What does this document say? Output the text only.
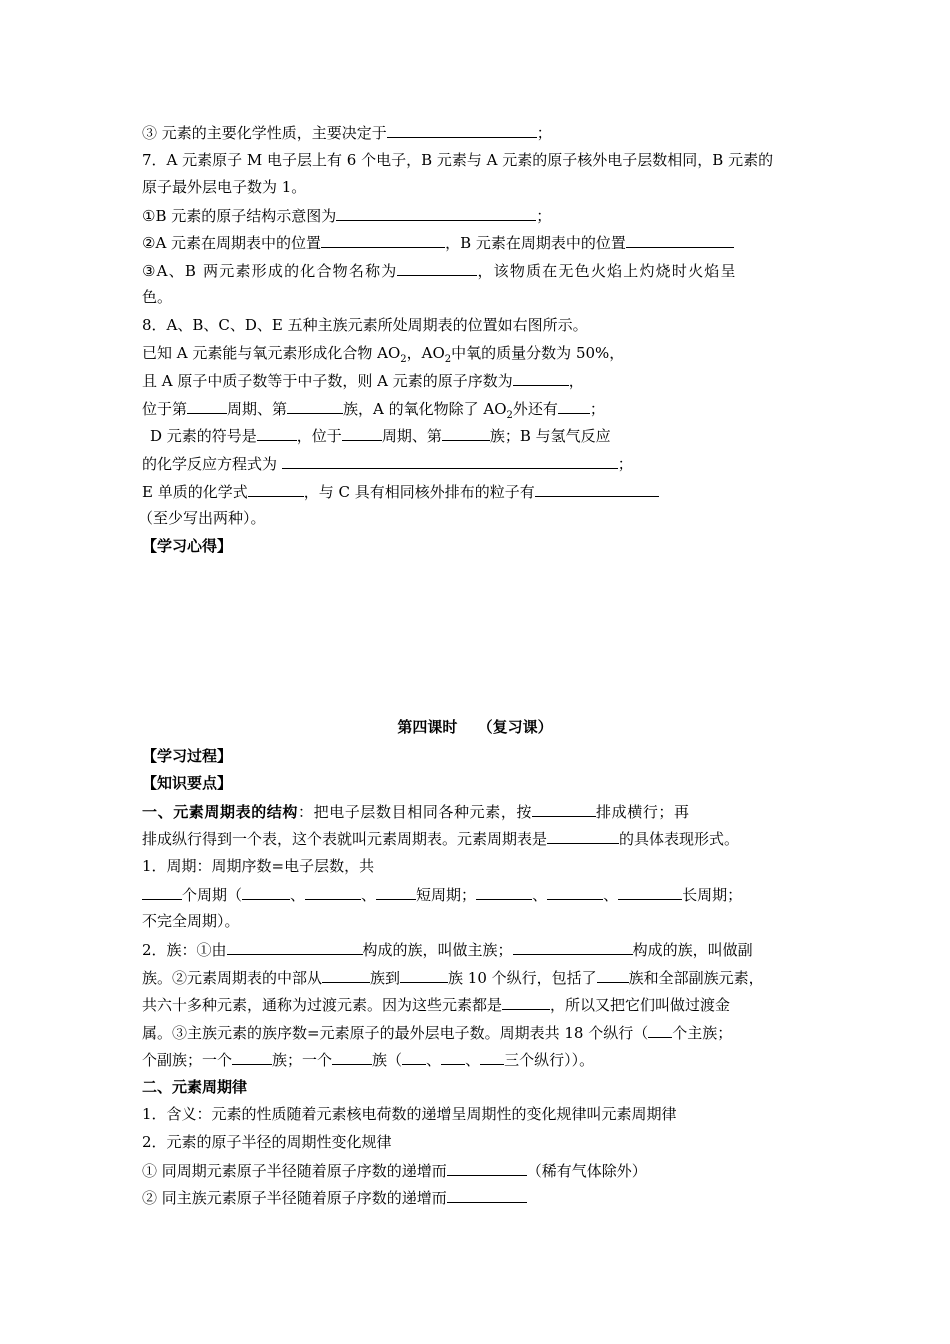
③ 元素的主要化学性质，主要决定于	；
7．A 元素原子 M 电子层上有 6 个电子，B 元素与 A 元素的原子核外电子层数相同，B 元素的
原子最外层电子数为 1。
①B 元素的原子结构示意图为	；
②A 元素在周期表中的位置	，B 元素在周期表中的位置
③A、B 两元素形成的化合物名称为	，该物质在无色火焰上灼烧时火焰呈
色。
8．A、B、C、D、E 五种主族元素所处周期表的位置如右图所示。
已知 A 元素能与氧元素形成化合物 $AO_2$，$AO_2$中氧的质量分数为 50%，
且 A 原子中质子数等于中子数，则 A 元素的原子序数为	，
位于第	周期、第	族，A 的氧化物除了 $AO_2$外还有 ；
D 元素的符号是	，位于	周期、第	族；B 与氢气反应
的化学反应方程式为	；
E 单质的化学式	，与 C 具有相同核外排布的粒子有
（至少写出两种）。
【学习心得】
第四课时　 （复习课）
【学习过程】
【知识要点】
一、元素周期表的结构：把电子层数目相同各种元素，按	排成横行；再
排成纵行得到一个表，这个表就叫元素周期表。元素周期表是	的具体表现形式。
1．周期：周期序数=电子层数，共
个周期（	、	、	短周期；	、	、	长周期；
不完全周期）。
2．族：①由	构成的族，叫做主族；	构成的族，叫做副
族。②元素周期表的中部从	族到	族 10 个纵行，包括了 族和全部副族元素，
共六十多种元素，通称为过渡元素。因为这些元素都是	，所以又把它们叫做过渡金
属。③主族元素的族序数=元素原子的最外层电子数。周期表共 18 个纵行（ 个主族；
个副族；一个	族；一个	族（ 、 、 三个纵行））。
二、元素周期律
1．含义：元素的性质随着元素核电荷数的递增呈周期性的变化规律叫元素周期律
2．元素的原子半径的周期性变化规律
① 同周期元素原子半径随着原子序数的递增而	（稀有气体除外）
② 同主族元素原子半径随着原子序数的递增而
